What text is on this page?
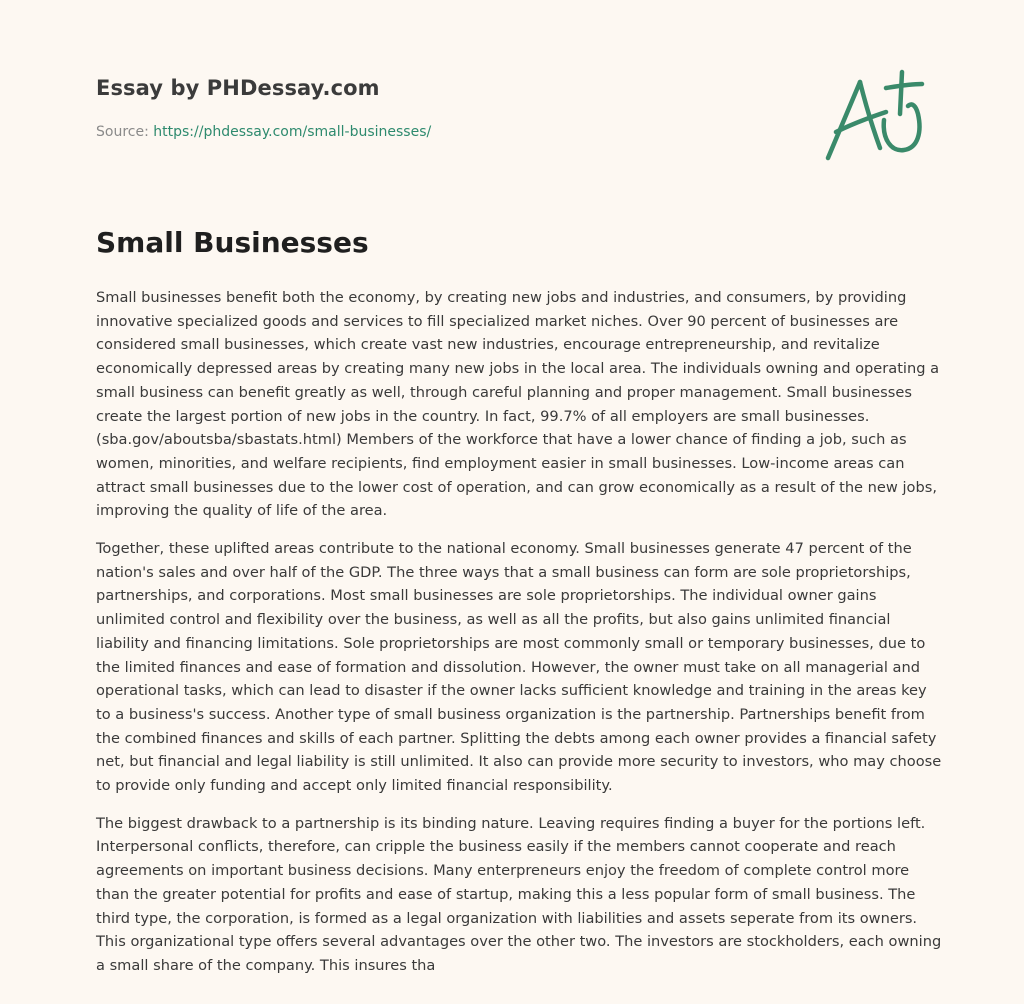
Essay by PHDessay.com
Source: https://phdessay.com/small-businesses/
Small Businesses

Small businesses benefit both the economy, by creating new jobs and industries, and consumers, by providing innovative specialized goods and services to fill specialized market niches. Over 90 percent of businesses are considered small businesses, which create vast new industries, encourage entrepreneurship, and revitalize economically depressed areas by creating many new jobs in the local area. The individuals owning and operating a small business can benefit greatly as well, through careful planning and proper management. Small businesses create the largest portion of new jobs in the country. In fact, 99.7% of all employers are small businesses. (sba.gov/aboutsba/sbastats.html) Members of the workforce that have a lower chance of finding a job, such as women, minorities, and welfare recipients, find employment easier in small businesses. Low-income areas can attract small businesses due to the lower cost of operation, and can grow economically as a result of the new jobs, improving the quality of life of the area.

Together, these uplifted areas contribute to the national economy. Small businesses generate 47 percent of the nation's sales and over half of the GDP. The three ways that a small business can form are sole proprietorships, partnerships, and corporations. Most small businesses are sole proprietorships. The individual owner gains unlimited control and flexibility over the business, as well as all the profits, but also gains unlimited financial liability and financing limitations. Sole proprietorships are most commonly small or temporary businesses, due to the limited finances and ease of formation and dissolution. However, the owner must take on all managerial and operational tasks, which can lead to disaster if the owner lacks sufficient knowledge and training in the areas key to a business's success. Another type of small business organization is the partnership. Partnerships benefit from the combined finances and skills of each partner. Splitting the debts among each owner provides a financial safety net, but financial and legal liability is still unlimited. It also can provide more security to investors, who may choose to provide only funding and accept only limited financial responsibility.

The biggest drawback to a partnership is its binding nature. Leaving requires finding a buyer for the portions left. Interpersonal conflicts, therefore, can cripple the business easily if the members cannot cooperate and reach agreements on important business decisions. Many enterpreneurs enjoy the freedom of complete control more than the greater potential for profits and ease of startup, making this a less popular form of small business. The third type, the corporation, is formed as a legal organization with liabilities and assets seperate from its owners. This organizational type offers several advantages over the other two. The investors are stockholders, each owning a small share of the company. This insures tha
